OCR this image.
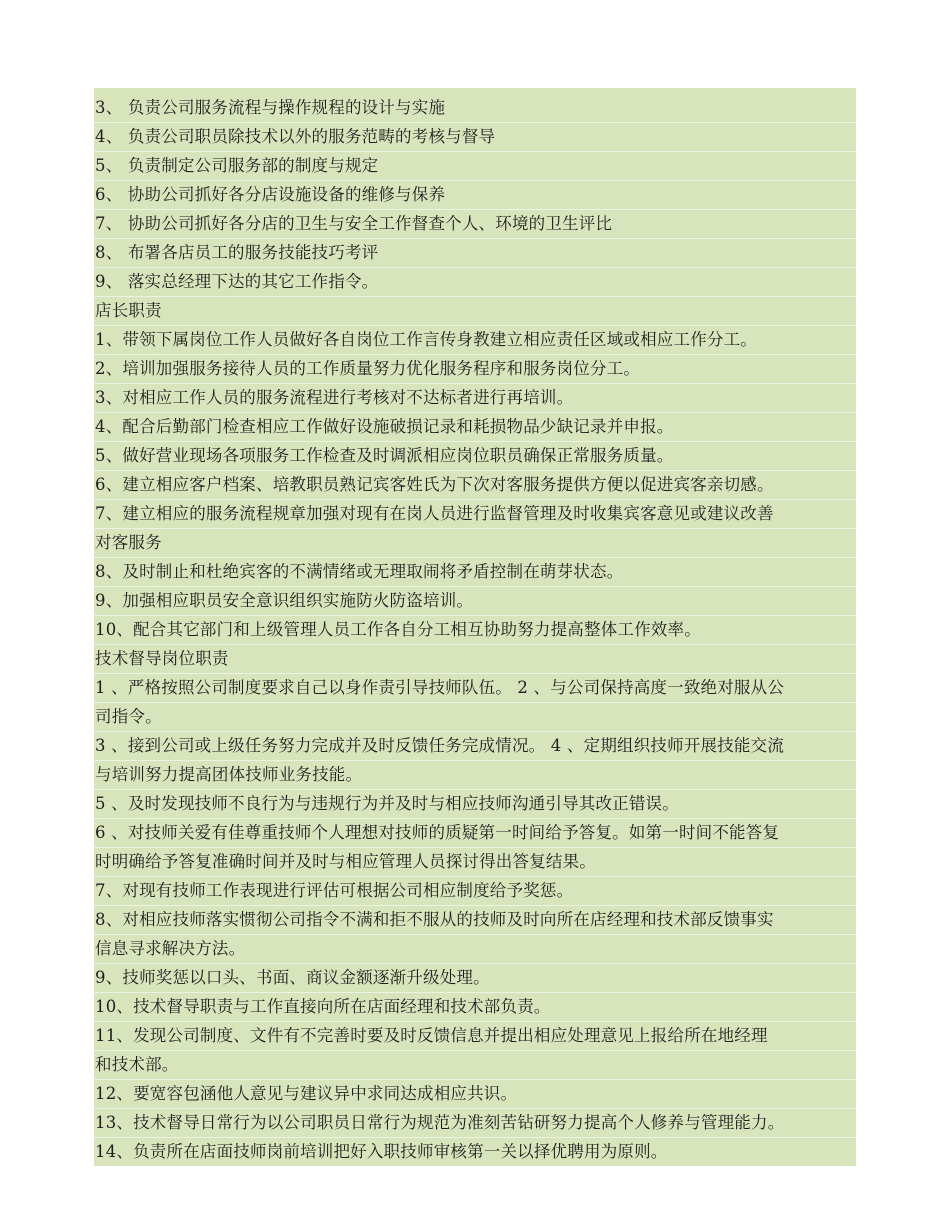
3、 负责公司服务流程与操作规程的设计与实施
4、 负责公司职员除技术以外的服务范畴的考核与督导
5、 负责制定公司服务部的制度与规定
6、 协助公司抓好各分店设施设备的维修与保养
7、 协助公司抓好各分店的卫生与安全工作督查个人、环境的卫生评比
8、 布署各店员工的服务技能技巧考评
9、 落实总经理下达的其它工作指令。
店长职责
1、带领下属岗位工作人员做好各自岗位工作言传身教建立相应责任区域或相应工作分工。
2、培训加强服务接待人员的工作质量努力优化服务程序和服务岗位分工。
3、对相应工作人员的服务流程进行考核对不达标者进行再培训。
4、配合后勤部门检查相应工作做好设施破损记录和耗损物品少缺记录并申报。
5、做好营业现场各项服务工作检查及时调派相应岗位职员确保正常服务质量。
6、建立相应客户档案、培教职员熟记宾客姓氏为下次对客服务提供方便以促进宾客亲切感。
7、建立相应的服务流程规章加强对现有在岗人员进行监督管理及时收集宾客意见或建议改善
对客服务
8、及时制止和杜绝宾客的不满情绪或无理取闹将矛盾控制在萌芽状态。
9、加强相应职员安全意识组织实施防火防盗培训。
10、配合其它部门和上级管理人员工作各自分工相互协助努力提高整体工作效率。
技术督导岗位职责
1 、严格按照公司制度要求自己以身作责引导技师队伍。 2 、与公司保持高度一致绝对服从公
司指令。
3 、接到公司或上级任务努力完成并及时反馈任务完成情况。 4 、定期组织技师开展技能交流
与培训努力提高团体技师业务技能。
5 、及时发现技师不良行为与违规行为并及时与相应技师沟通引导其改正错误。
6 、对技师关爱有佳尊重技师个人理想对技师的质疑第一时间给予答复。如第一时间不能答复
时明确给予答复准确时间并及时与相应管理人员探讨得出答复结果。
7、对现有技师工作表现进行评估可根据公司相应制度给予奖惩。
8、对相应技师落实惯彻公司指令不满和拒不服从的技师及时向所在店经理和技术部反馈事实
信息寻求解决方法。
9、技师奖惩以口头、书面、商议金额逐渐升级处理。
10、技术督导职责与工作直接向所在店面经理和技术部负责。
11、发现公司制度、文件有不完善时要及时反馈信息并提出相应处理意见上报给所在地经理
和技术部。
12、要宽容包涵他人意见与建议异中求同达成相应共识。
13、技术督导日常行为以公司职员日常行为规范为准刻苦钻研努力提高个人修养与管理能力。
14、负责所在店面技师岗前培训把好入职技师审核第一关以择优聘用为原则。
